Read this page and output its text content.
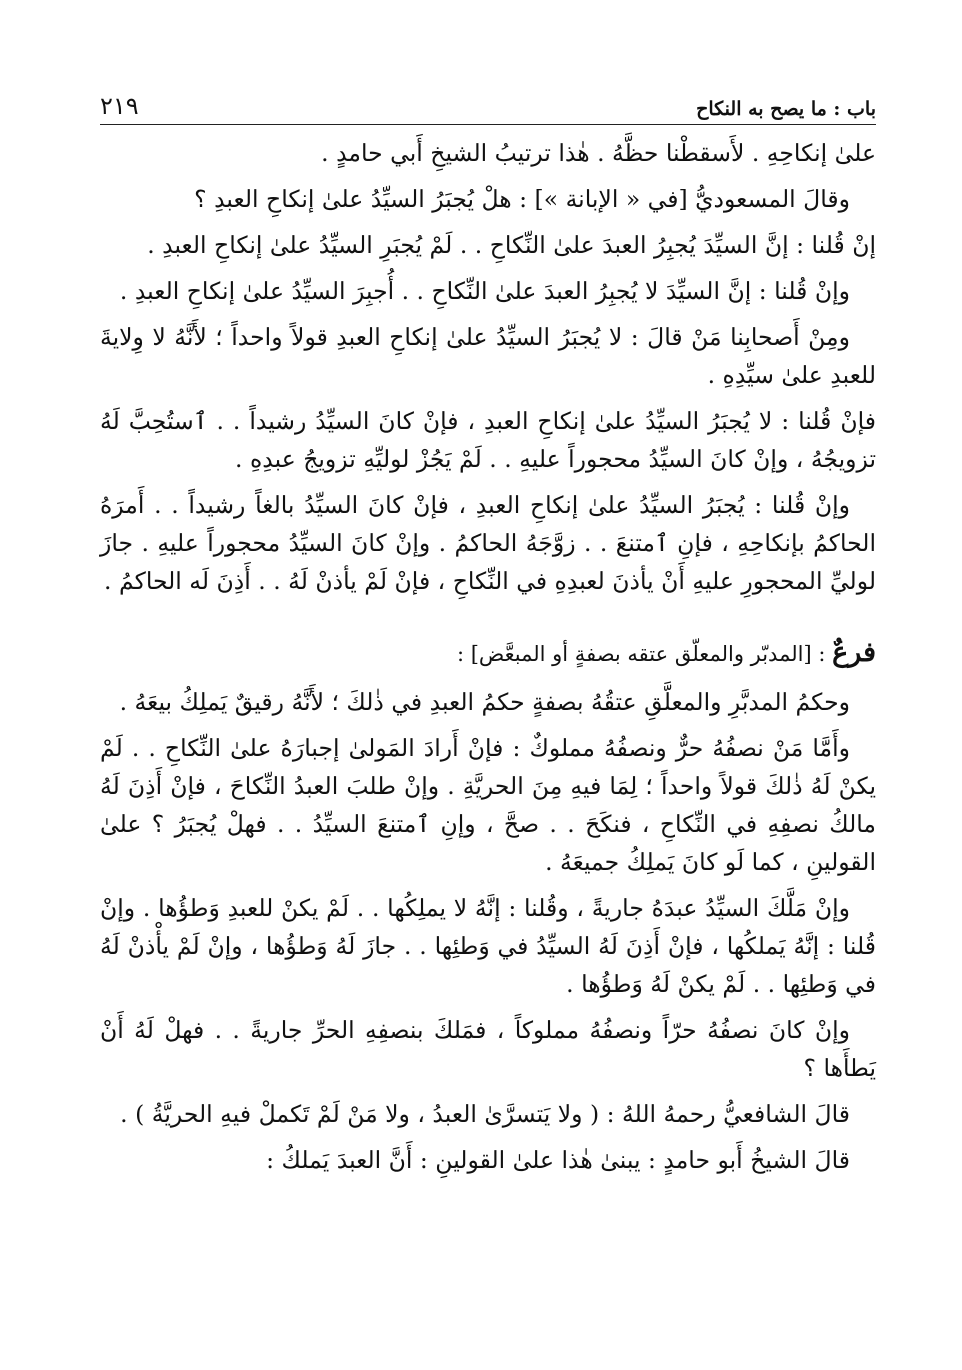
باب : ما يصح به النكاح
٢١٩

علىٰ إنكاحِهِ . لأَسقطْنا حظَّهُ . هٰذا ترتيبُ الشيخِ أَبي حامدٍ .

وقالَ المسعوديُّ [في « الإبانة »] : هلْ يُجبَرُ السيِّدُ علىٰ إنكاحِ العبدِ ؟

إنْ قُلنا : إنَّ السيِّدَ يُجبِرُ العبدَ علىٰ النِّكاحِ . . لَمْ يُجبَرِ السيِّدُ علىٰ إنكاحِ العبدِ .

وإنْ قُلنا : إنَّ السيِّدَ لا يُجبِرُ العبدَ علىٰ النِّكاحِ . . أُجبِرَ السيِّدُ علىٰ إنكاحِ العبدِ .

ومِنْ أَصحابِنا مَنْ قالَ : لا يُجبَرُ السيِّدُ علىٰ إنكاحِ العبدِ قولاً واحداً ؛ لأَنَّهُ لا وِلايةَ للعبدِ علىٰ سيِّدِهِ .

فإنْ قُلنا : لا يُجبَرُ السيِّدُ علىٰ إنكاحِ العبدِ ، فإنْ كانَ السيِّدُ رشيداً . . ٱستُحِبَّ لَهُ تزويجُهُ ، وإنْ كانَ السيِّدُ محجوراً عليهِ . . لَمْ يَجُزْ لوليِّهِ تزويجُ عبدِهِ .

وإنْ قُلنا : يُجبَرُ السيِّدُ علىٰ إنكاحِ العبدِ ، فإنْ كانَ السيِّدُ بالغاً رشيداً . . أَمرَهُ الحاكمُ بإنكاحِهِ ، فإنِ ٱمتنعَ . . زوَّجَهُ الحاكمُ . وإنْ كانَ السيِّدُ محجوراً عليهِ . جازَ لوليِّ المحجورِ عليهِ أَنْ يأذنَ لعبدِهِ في النِّكاحِ ، فإنْ لَمْ يأذنْ لَهُ . . أَذِنَ لَه الحاكمُ .

فرعٌ : [المدبّر والمعلّق عتقه بصفةٍ أو المبعَّض] :

وحكمُ المدبَّرِ والمعلَّقِ عتقُهُ بصفةٍ حكمُ العبدِ في ذٰلكَ ؛ لأَنَّهُ رقيقٌ يَملِكُ بيعَهُ .

وأَمَّا مَنْ نصفُهُ حرٌّ ونصفُهُ مملوكٌ : فإنْ أَرادَ المَولىٰ إجبارَهُ علىٰ النِّكاحِ . . لَمْ يكنْ لَهُ ذٰلكَ قولاً واحداً ؛ لِمَا فيهِ مِنَ الحريَّةِ . وإنْ طلبَ العبدُ النِّكاحَ ، فإنْ أَذِنَ لَهُ مالكُ نصفِهِ في النِّكاحِ ، فنكَحَ . . صحَّ ، وإنِ ٱمتنعَ السيِّدُ . . فهلْ يُجبَرُ ؟ علىٰ القولينِ ، كما لَو كانَ يَملِكُ جميعَهُ .

وإنْ مَلَّكَ السيِّدُ عبدَهُ جاريةً ، وقُلنا : إنَّهُ لا يملِكُها . . لَمْ يكنْ للعبدِ وَطؤُها . وإنْ قُلنا : إنَّهُ يَملكُها ، فإنْ أَذِنَ لَهُ السيِّدُ في وَطئِها . . جازَ لَهُ وَطؤُها ، وإنْ لَمْ يأْذنْ لَهُ في وَطئِها . . لَمْ يكنْ لَهُ وَطؤُها .

وإنْ كانَ نصفُهُ حرّاً ونصفُهُ مملوكاً ، فمَلكَ بنصفِهِ الحرِّ جاريةً . . فهلْ لَهُ أَنْ يَطأَها ؟

قالَ الشافعيُّ رحمهُ اللهُ : ( ولا يَتسرَّىٰ العبدُ ، ولا مَنْ لَمْ تَكملْ فيهِ الحريَّةُ ) .

قالَ الشيخُ أَبو حامدٍ : يبنىٰ هٰذا علىٰ القولينِ : أَنَّ العبدَ يَملكُ :
